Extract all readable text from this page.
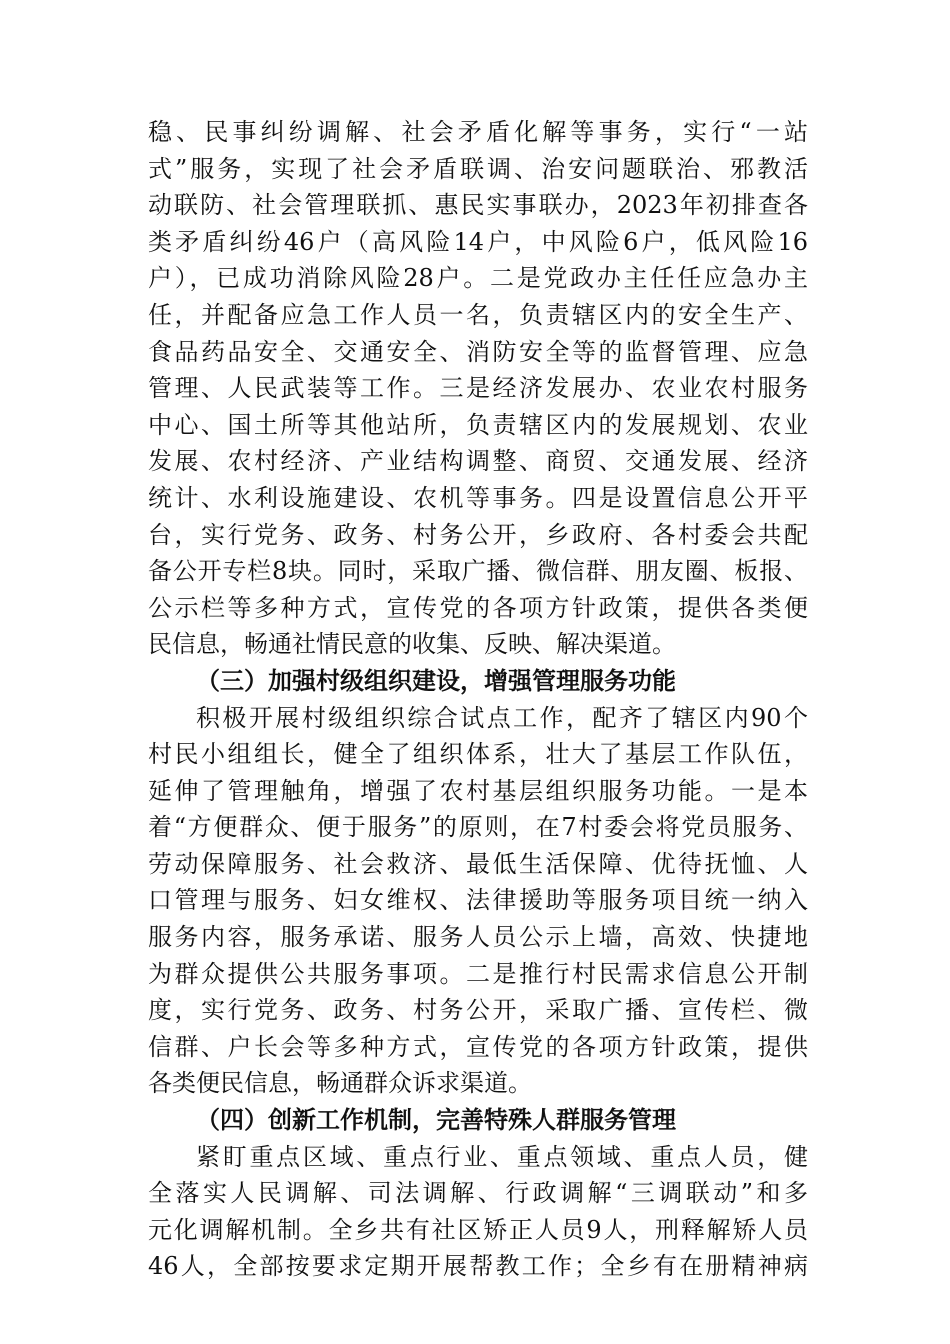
稳、民事纠纷调解、社会矛盾化解等事务，实行“一站
式”服务，实现了社会矛盾联调、治安问题联治、邪教活
动联防、社会管理联抓、惠民实事联办，2023年初排查各
类矛盾纠纷46户（高风险14户，中风险6户，低风险16
户），已成功消除风险28户。二是党政办主任任应急办主
任，并配备应急工作人员一名，负责辖区内的安全生产、
食品药品安全、交通安全、消防安全等的监督管理、应急
管理、人民武装等工作。三是经济发展办、农业农村服务
中心、国土所等其他站所，负责辖区内的发展规划、农业
发展、农村经济、产业结构调整、商贸、交通发展、经济
统计、水利设施建设、农机等事务。四是设置信息公开平
台，实行党务、政务、村务公开，乡政府、各村委会共配
备公开专栏8块。同时，采取广播、微信群、朋友圈、板报、
公示栏等多种方式，宣传党的各项方针政策，提供各类便
民信息，畅通社情民意的收集、反映、解决渠道。
（三）加强村级组织建设，增强管理服务功能
积极开展村级组织综合试点工作，配齐了辖区内90个
村民小组组长，健全了组织体系，壮大了基层工作队伍，
延伸了管理触角，增强了农村基层组织服务功能。一是本
着“方便群众、便于服务”的原则，在7村委会将党员服务、
劳动保障服务、社会救济、最低生活保障、优待抚恤、人
口管理与服务、妇女维权、法律援助等服务项目统一纳入
服务内容，服务承诺、服务人员公示上墙，高效、快捷地
为群众提供公共服务事项。二是推行村民需求信息公开制
度，实行党务、政务、村务公开，采取广播、宣传栏、微
信群、户长会等多种方式，宣传党的各项方针政策，提供
各类便民信息，畅通群众诉求渠道。
（四）创新工作机制，完善特殊人群服务管理
紧盯重点区域、重点行业、重点领域、重点人员，健
全落实人民调解、司法调解、行政调解“三调联动”和多
元化调解机制。全乡共有社区矫正人员9人，刑释解矫人员
46人，全部按要求定期开展帮教工作；全乡有在册精神病
